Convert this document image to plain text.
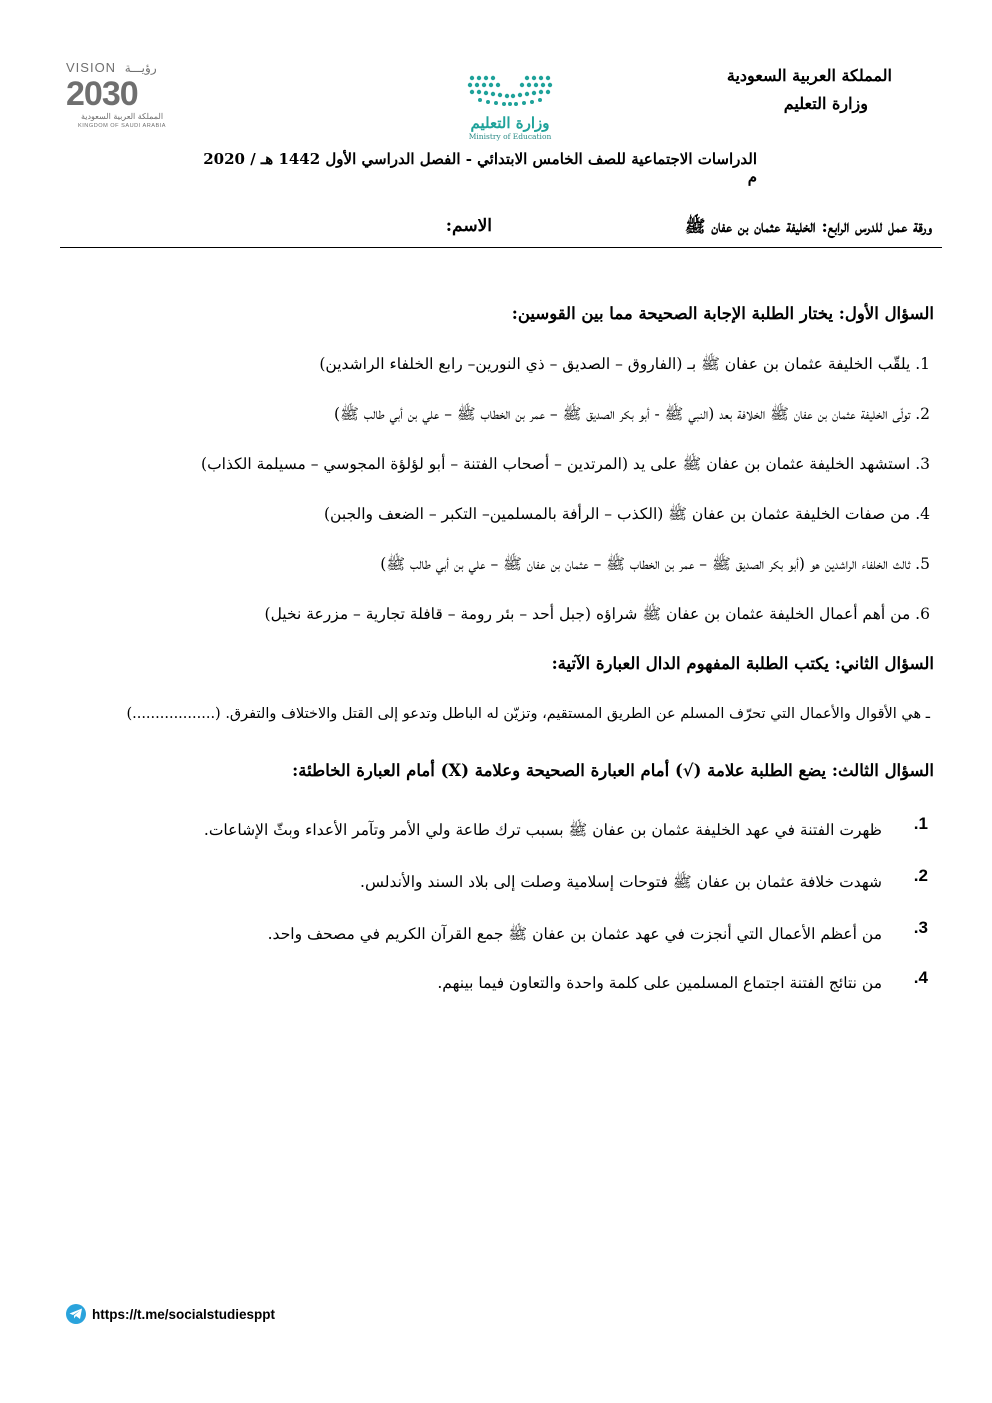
المملكة العربية السعودية
وزارة التعليم
وزارة التعليم
Ministry of Education
VISION رؤيـــة
2030
المملكة العربية السعودية
KINGDOM OF SAUDI ARABIA
الدراسات الاجتماعية للصف الخامس الابتدائي - الفصل الدراسي الأول 1442 هـ / 2020 م
ورقة عمل للدرس الرابع: الخليفة عثمان بن عفان ﷺ
الاسم:
السؤال الأول: يختار الطلبة الإجابة الصحيحة مما بين القوسين:
1. يلقّب الخليفة عثمان بن عفان ﷺ بـ (الفاروق – الصديق – ذي النورين– رابع الخلفاء الراشدين)
2. تولّى الخليفة عثمان بن عفان ﷺ الخلافة بعد (النبي ﷺ - أبو بكر الصديق ﷺ – عمر بن الخطاب ﷺ – علي بن أبي طالب ﷺ)
3. استشهد الخليفة عثمان بن عفان ﷺ على يد (المرتدين – أصحاب الفتنة – أبو لؤلؤة المجوسي – مسيلمة الكذاب)
4. من صفات الخليفة عثمان بن عفان ﷺ (الكذب – الرأفة بالمسلمين– التكبر – الضعف والجبن)
5. ثالث الخلفاء الراشدين هو (أبو بكر الصديق ﷺ – عمر بن الخطاب ﷺ – عثمان بن عفان ﷺ – علي بن أبي طالب ﷺ)
6. من أهم أعمال الخليفة عثمان بن عفان ﷺ شراؤه (جبل أحد – بئر رومة – قافلة تجارية – مزرعة نخيل)
السؤال الثاني: يكتب الطلبة المفهوم الدال العبارة الآتية:
ـ هي الأقوال والأعمال التي تحرّف المسلم عن الطريق المستقيم، وتزيّن له الباطل وتدعو إلى القتل والاختلاف والتفرق. (..................)
السؤال الثالث: يضع الطلبة علامة (√) أمام العبارة الصحيحة وعلامة (X) أمام العبارة الخاطئة:
1.
ظهرت الفتنة في عهد الخليفة عثمان بن عفان ﷺ بسبب ترك طاعة ولي الأمر وتآمر الأعداء وبثّ الإشاعات.
2.
شهدت خلافة عثمان بن عفان ﷺ فتوحات إسلامية وصلت إلى بلاد السند والأندلس.
3.
من أعظم الأعمال التي أنجزت في عهد عثمان بن عفان ﷺ جمع القرآن الكريم في مصحف واحد.
4.
من نتائج الفتنة اجتماع المسلمين على كلمة واحدة والتعاون فيما بينهم.
https://t.me/socialstudiesppt
